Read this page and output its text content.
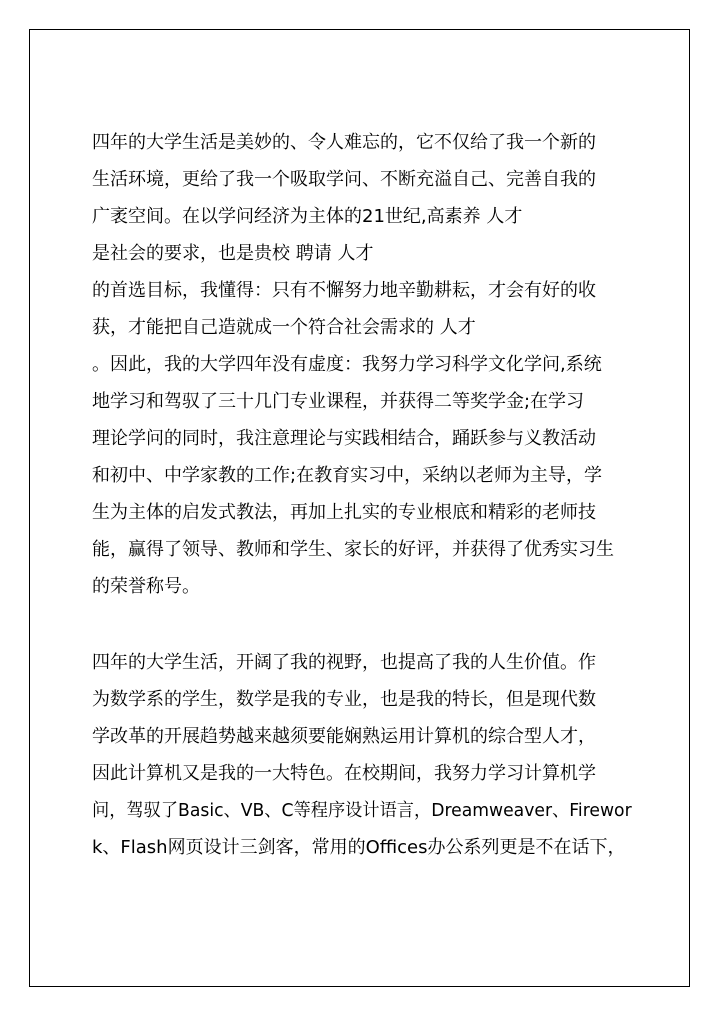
四年的大学生活是美妙的、令人难忘的，它不仅给了我一个新的
生活环境，更给了我一个吸取学问、不断充溢自己、完善自我的
广袤空间。在以学问经济为主体的21世纪,高素养 人才
是社会的要求，也是贵校 聘请 人才
的首选目标，我懂得：只有不懈努力地辛勤耕耘，才会有好的收
获，才能把自己造就成一个符合社会需求的 人才
。因此，我的大学四年没有虚度：我努力学习科学文化学问,系统
地学习和驾驭了三十几门专业课程，并获得二等奖学金;在学习
理论学问的同时，我注意理论与实践相结合，踊跃参与义教活动
和初中、中学家教的工作;在教育实习中，采纳以老师为主导，学
生为主体的启发式教法，再加上扎实的专业根底和精彩的老师技
能，赢得了领导、教师和学生、家长的好评，并获得了优秀实习生
的荣誉称号。
四年的大学生活，开阔了我的视野，也提高了我的人生价值。作
为数学系的学生，数学是我的专业，也是我的特长，但是现代数
学改革的开展趋势越来越须要能娴熟运用计算机的综合型人才，
因此计算机又是我的一大特色。在校期间，我努力学习计算机学
问，驾驭了Basic、VB、C等程序设计语言，Dreamweaver、Firewor
k、Flash网页设计三剑客，常用的Offices办公系列更是不在话下，
